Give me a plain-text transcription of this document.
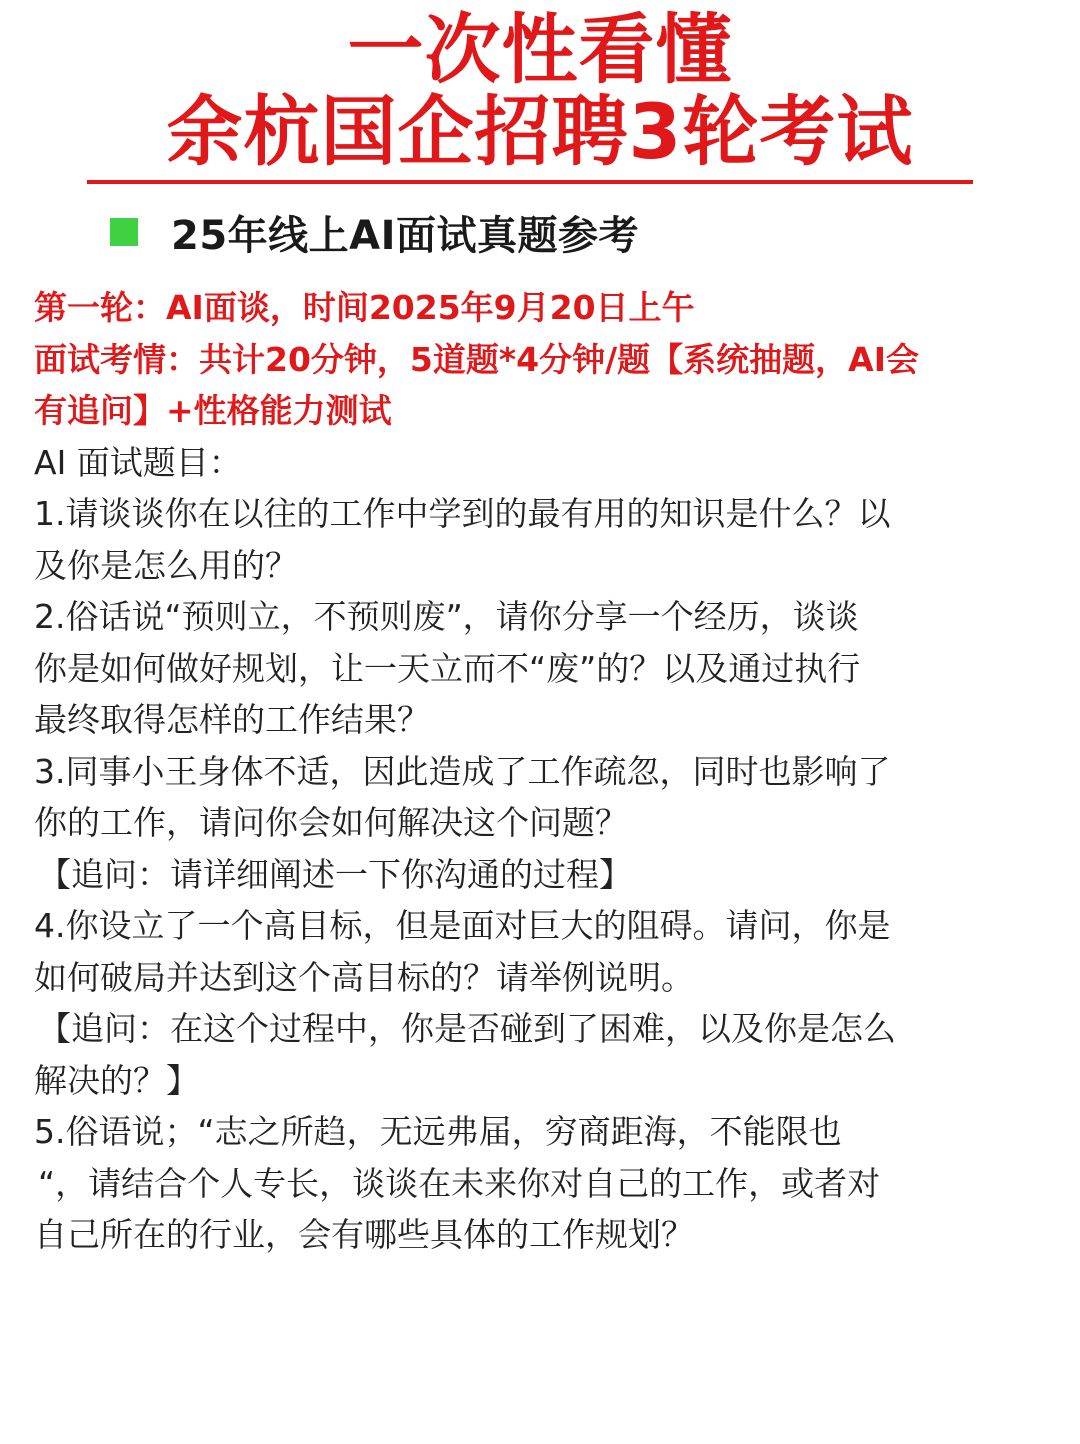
一次性看懂
余杭国企招聘3轮考试
25年线上AI面试真题参考
第一轮：AI面谈，时间2025年9月20日上午
面试考情：共计20分钟，5道题*4分钟/题【系统抽题，AI会
有追问】+性格能力测试
AI 面试题目：
1.请谈谈你在以往的工作中学到的最有用的知识是什么？以
及你是怎么用的？
2.俗话说“预则立，不预则废”，请你分享一个经历，谈谈
你是如何做好规划，让一天立而不“废”的？以及通过执行
最终取得怎样的工作结果？
3.同事小王身体不适，因此造成了工作疏忽，同时也影响了
你的工作，请问你会如何解决这个问题？
【追问：请详细阐述一下你沟通的过程】
4.你设立了一个高目标，但是面对巨大的阻碍。请问，你是
如何破局并达到这个高目标的？请举例说明。
【追问：在这个过程中，你是否碰到了困难，以及你是怎么
解决的？】
5.俗语说；“志之所趋，无远弗届，穷商距海，不能限也
“，请结合个人专长，谈谈在未来你对自己的工作，或者对
自己所在的行业，会有哪些具体的工作规划？
